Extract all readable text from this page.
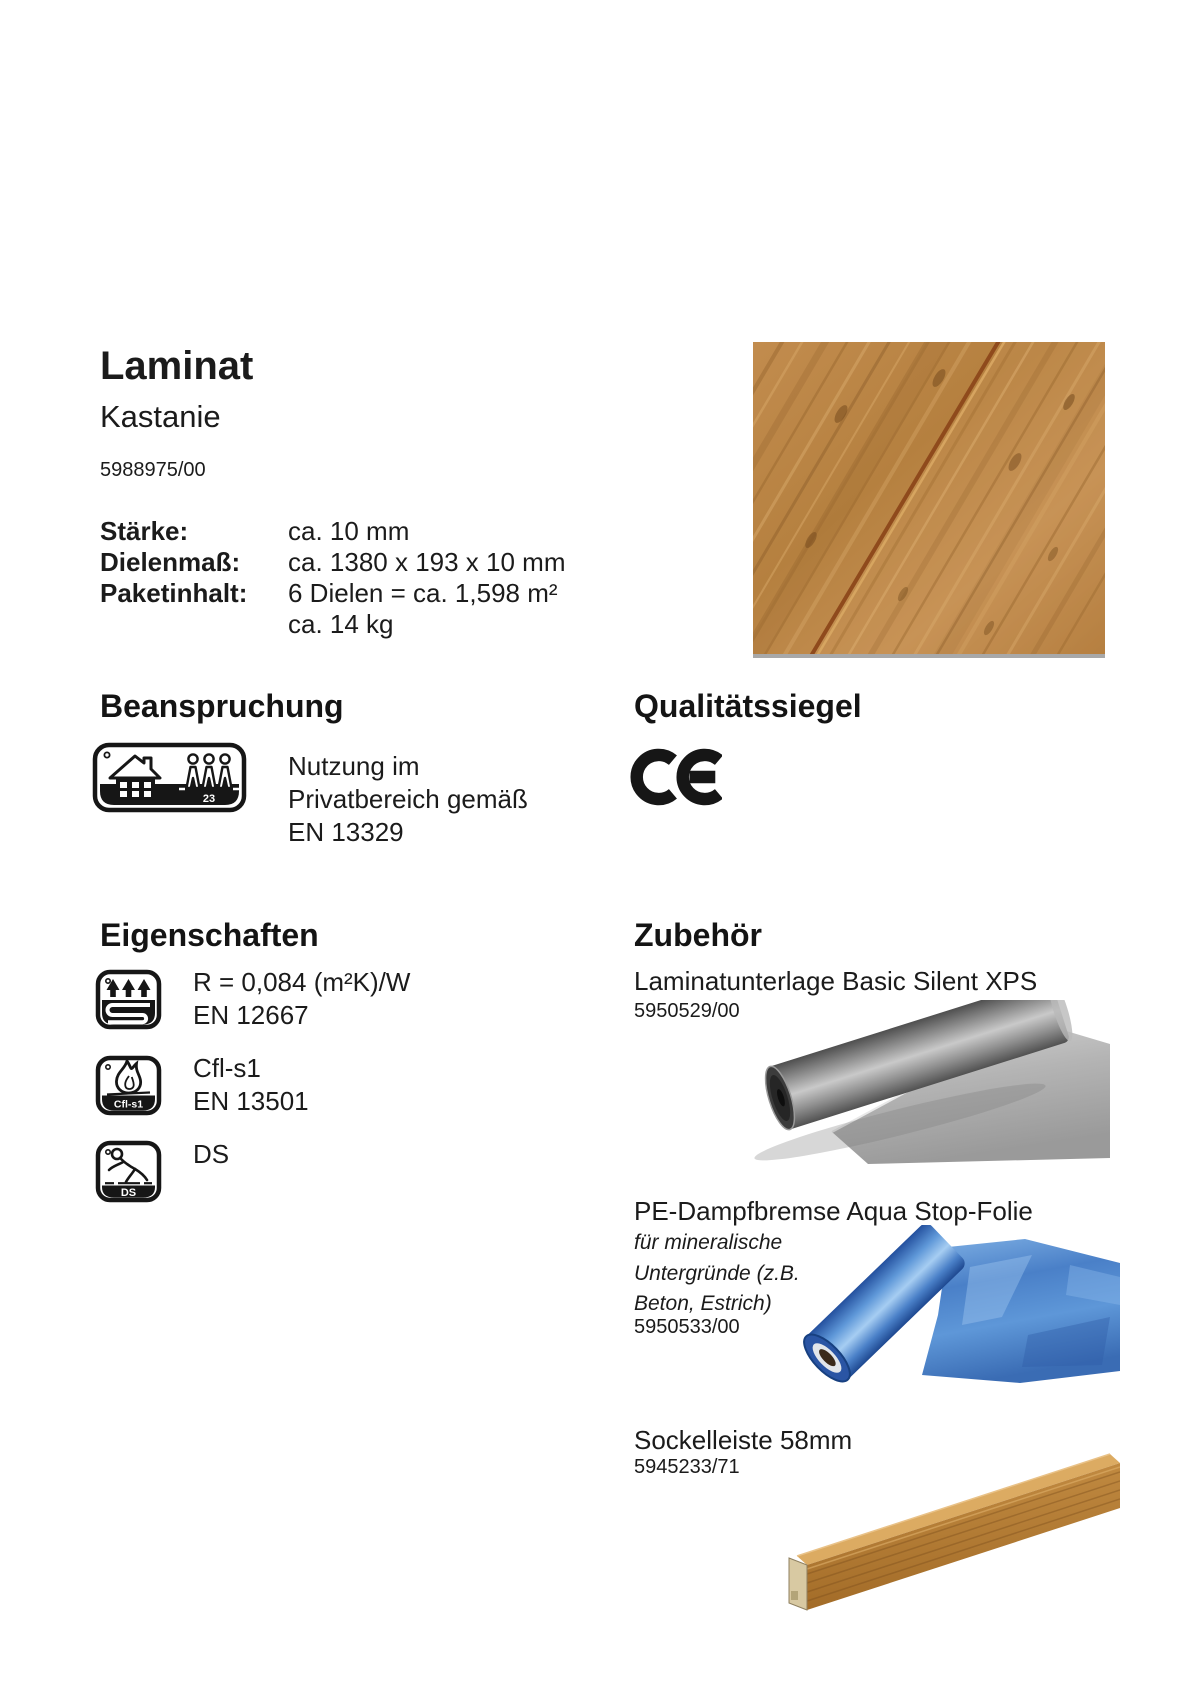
Laminat
Kastanie
5988975/00
Stärke:	ca. 10 mm
Dielenmaß:	ca. 1380 x 193 x 10 mm
Paketinhalt:	6 Dielen = ca. 1,598 m²
ca. 14 kg
Beanspruchung
23
Nutzung im
Privatbereich gemäß
EN 13329
Qualitätssiegel
Eigenschaften
R = 0,084 (m²K)/W
EN 12667
Cfl-s1
Cfl-s1
EN 13501
DS
DS
Zubehör
Laminatunterlage Basic Silent XPS
5950529/00
PE-Dampfbremse Aqua Stop-Folie
für mineralische
Untergründe (z.B.
Beton, Estrich)
5950533/00
Sockelleiste 58mm
5945233/71
